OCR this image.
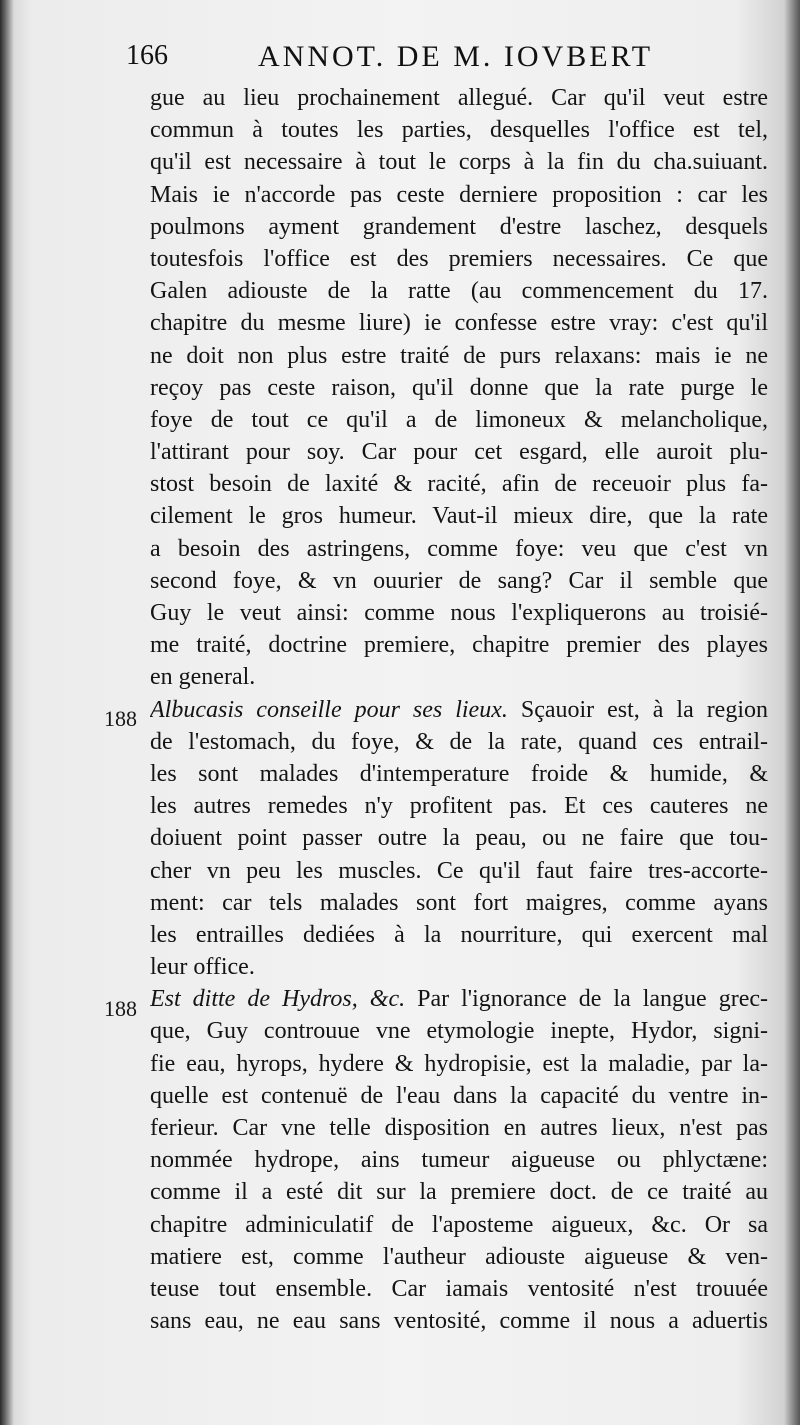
166	ANNOT. DE M. IOVBERT
188
188
gue au lieu prochainement allegué. Car qu'il veut estre
commun à toutes les parties, desquelles l'office est tel,
qu'il est necessaire à tout le corps à la fin du cha.suiuant.
Mais ie n'accorde pas ceste derniere proposition : car les
poulmons ayment grandement d'estre laschez, desquels
toutesfois l'office est des premiers necessaires. Ce que
Galen adiouste de la ratte (au commencement du 17.
chapitre du mesme liure) ie confesse estre vray: c'est qu'il
ne doit non plus estre traité de purs relaxans: mais ie ne
reçoy pas ceste raison, qu'il donne que la rate purge le
foye de tout ce qu'il a de limoneux & melancholique,
l'attirant pour soy. Car pour cet esgard, elle auroit plu-
stost besoin de laxité & racité, afin de receuoir plus fa-
cilement le gros humeur. Vaut-il mieux dire, que la rate
a besoin des astringens, comme foye: veu que c'est vn
second foye, & vn ouurier de sang? Car il semble que
Guy le veut ainsi: comme nous l'expliquerons au troisié-
me traité, doctrine premiere, chapitre premier des playes
en general.
Albucasis conseille pour ses lieux. Sçauoir est, à la region
de l'estomach, du foye, & de la rate, quand ces entrail-
les sont malades d'intemperature froide & humide, &
les autres remedes n'y profitent pas. Et ces cauteres ne
doiuent point passer outre la peau, ou ne faire que tou-
cher vn peu les muscles. Ce qu'il faut faire tres-accorte-
ment: car tels malades sont fort maigres, comme ayans
les entrailles dediées à la nourriture, qui exercent mal
leur office.
Est ditte de Hydros, &c. Par l'ignorance de la langue grec-
que, Guy controuue vne etymologie inepte, Hydor, signi-
fie eau, hyrops, hydere & hydropisie, est la maladie, par la-
quelle est contenuë de l'eau dans la capacité du ventre in-
ferieur. Car vne telle disposition en autres lieux, n'est pas
nommée hydrope, ains tumeur aigueuse ou phlyctæne:
comme il a esté dit sur la premiere doct. de ce traité au
chapitre adminiculatif de l'aposteme aigueux, &c. Or sa
matiere est, comme l'autheur adiouste aigueuse & ven-
teuse tout ensemble. Car iamais ventosité n'est trouuée
sans eau, ne eau sans ventosité, comme il nous a aduertis
